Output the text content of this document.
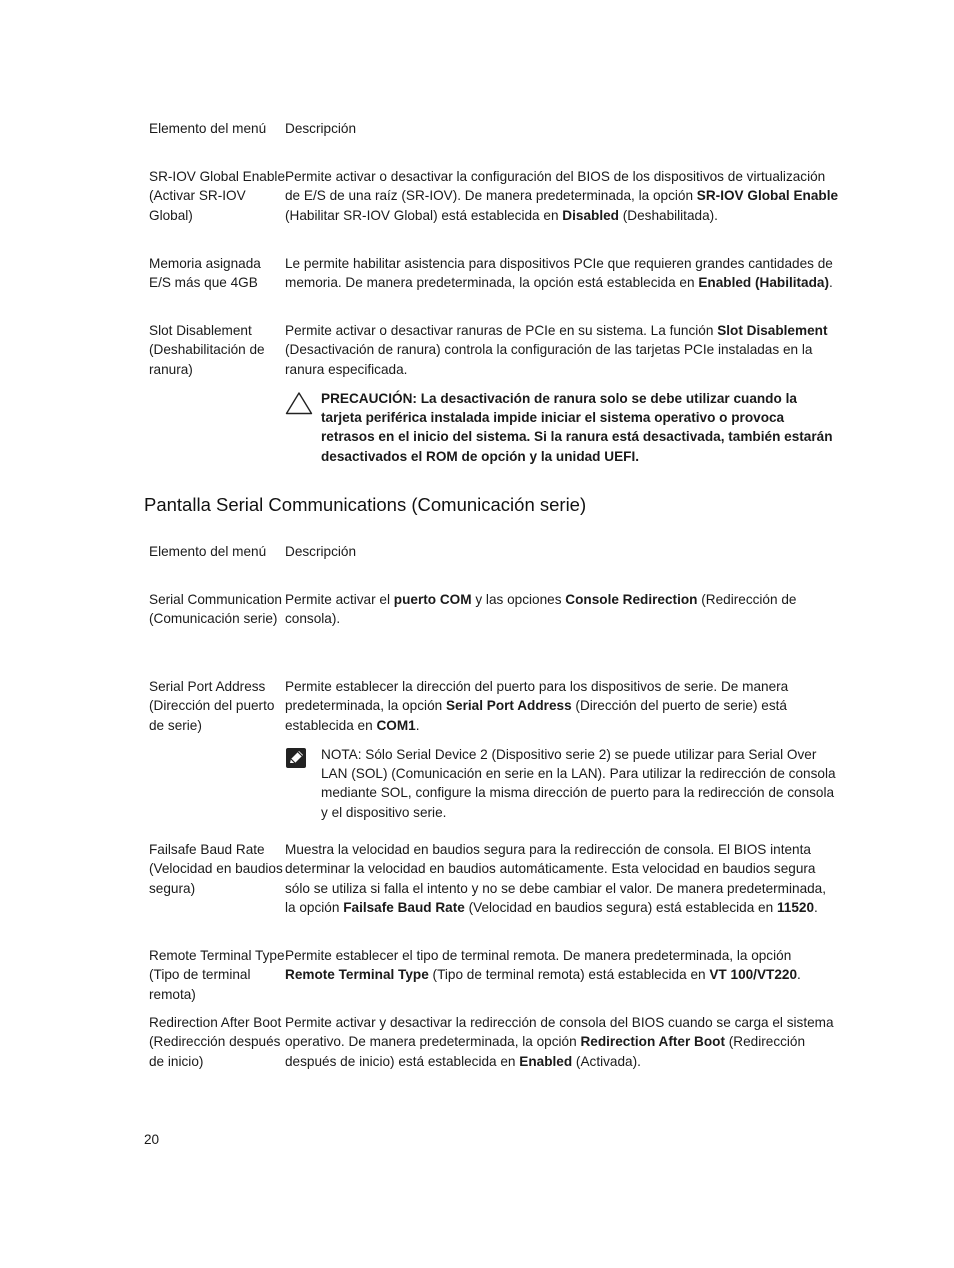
Elemento del menú	Descripción
SR-IOV Global Enable (Activar SR-IOV Global)
Permite activar o desactivar la configuración del BIOS de los dispositivos de virtualización de E/S de una raíz (SR-IOV). De manera predeterminada, la opción SR-IOV Global Enable (Habilitar SR-IOV Global) está establecida en Disabled (Deshabilitada).
Memoria asignada E/S más que 4GB
Le permite habilitar asistencia para dispositivos PCIe que requieren grandes cantidades de memoria. De manera predeterminada, la opción está establecida en Enabled (Habilitada).
Slot Disablement (Deshabilitación de ranura)
Permite activar o desactivar ranuras de PCIe en su sistema. La función Slot Disablement (Desactivación de ranura) controla la configuración de las tarjetas PCIe instaladas en la ranura especificada.
PRECAUCIÓN: La desactivación de ranura solo se debe utilizar cuando la tarjeta periférica instalada impide iniciar el sistema operativo o provoca retrasos en el inicio del sistema. Si la ranura está desactivada, también estarán desactivados el ROM de opción y la unidad UEFI.
Pantalla Serial Communications (Comunicación serie)
Elemento del menú	Descripción
Serial Communication (Comunicación serie)
Permite activar el puerto COM y las opciones Console Redirection (Redirección de consola).
Serial Port Address (Dirección del puerto de serie)
Permite establecer la dirección del puerto para los dispositivos de serie. De manera predeterminada, la opción Serial Port Address (Dirección del puerto de serie) está establecida en COM1.
NOTA: Sólo Serial Device 2 (Dispositivo serie 2) se puede utilizar para Serial Over LAN (SOL) (Comunicación en serie en la LAN). Para utilizar la redirección de consola mediante SOL, configure la misma dirección de puerto para la redirección de consola y el dispositivo serie.
Failsafe Baud Rate (Velocidad en baudios segura)
Muestra la velocidad en baudios segura para la redirección de consola. El BIOS intenta determinar la velocidad en baudios automáticamente. Esta velocidad en baudios segura sólo se utiliza si falla el intento y no se debe cambiar el valor. De manera predeterminada, la opción Failsafe Baud Rate (Velocidad en baudios segura) está establecida en 11520.
Remote Terminal Type (Tipo de terminal remota)
Permite establecer el tipo de terminal remota. De manera predeterminada, la opción Remote Terminal Type (Tipo de terminal remota) está establecida en VT 100/VT220.
Redirection After Boot (Redirección después de inicio)
Permite activar y desactivar la redirección de consola del BIOS cuando se carga el sistema operativo. De manera predeterminada, la opción Redirection After Boot (Redirección después de inicio) está establecida en Enabled (Activada).
20
